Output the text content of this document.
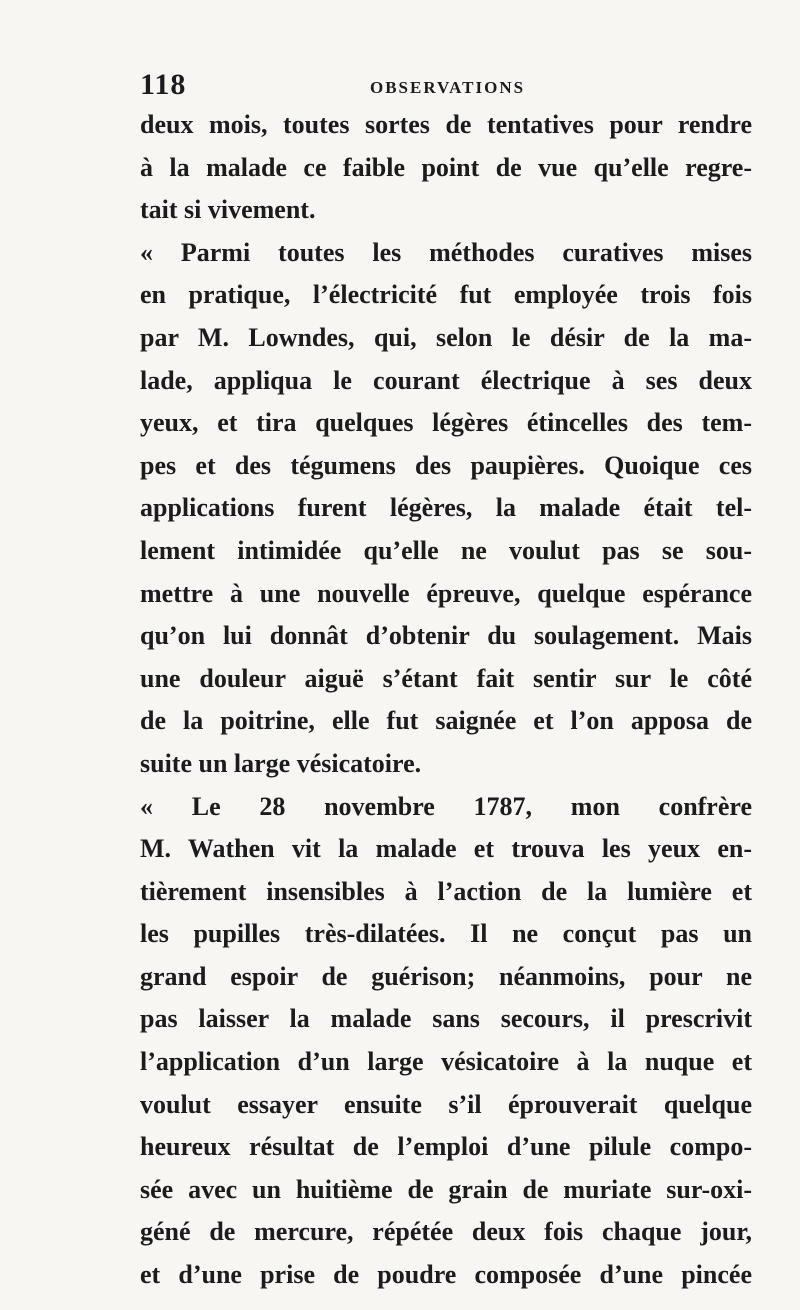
118	OBSERVATIONS
deux mois, toutes sortes de tentatives pour rendre
à la malade ce faible point de vue qu’elle regre-
tait si vivement.
« Parmi toutes les méthodes curatives mises
en pratique, l’électricité fut employée trois fois
par M. Lowndes, qui, selon le désir de la ma-
lade, appliqua le courant électrique à ses deux
yeux, et tira quelques légères étincelles des tem-
pes et des tégumens des paupières. Quoique ces
applications furent légères, la malade était tel-
lement intimidée qu’elle ne voulut pas se sou-
mettre à une nouvelle épreuve, quelque espérance
qu’on lui donnât d’obtenir du soulagement. Mais
une douleur aiguë s’étant fait sentir sur le côté
de la poitrine, elle fut saignée et l’on apposa de
suite un large vésicatoire.
« Le 28 novembre 1787, mon confrère
M. Wathen vit la malade et trouva les yeux en-
tièrement insensibles à l’action de la lumière et
les pupilles très-dilatées. Il ne conçut pas un
grand espoir de guérison; néanmoins, pour ne
pas laisser la malade sans secours, il prescrivit
l’application d’un large vésicatoire à la nuque et
voulut essayer ensuite s’il éprouverait quelque
heureux résultat de l’emploi d’une pilule compo-
sée avec un huitième de grain de muriate sur-oxi-
géné de mercure, répétée deux fois chaque jour,
et d’une prise de poudre composée d’une pincée
